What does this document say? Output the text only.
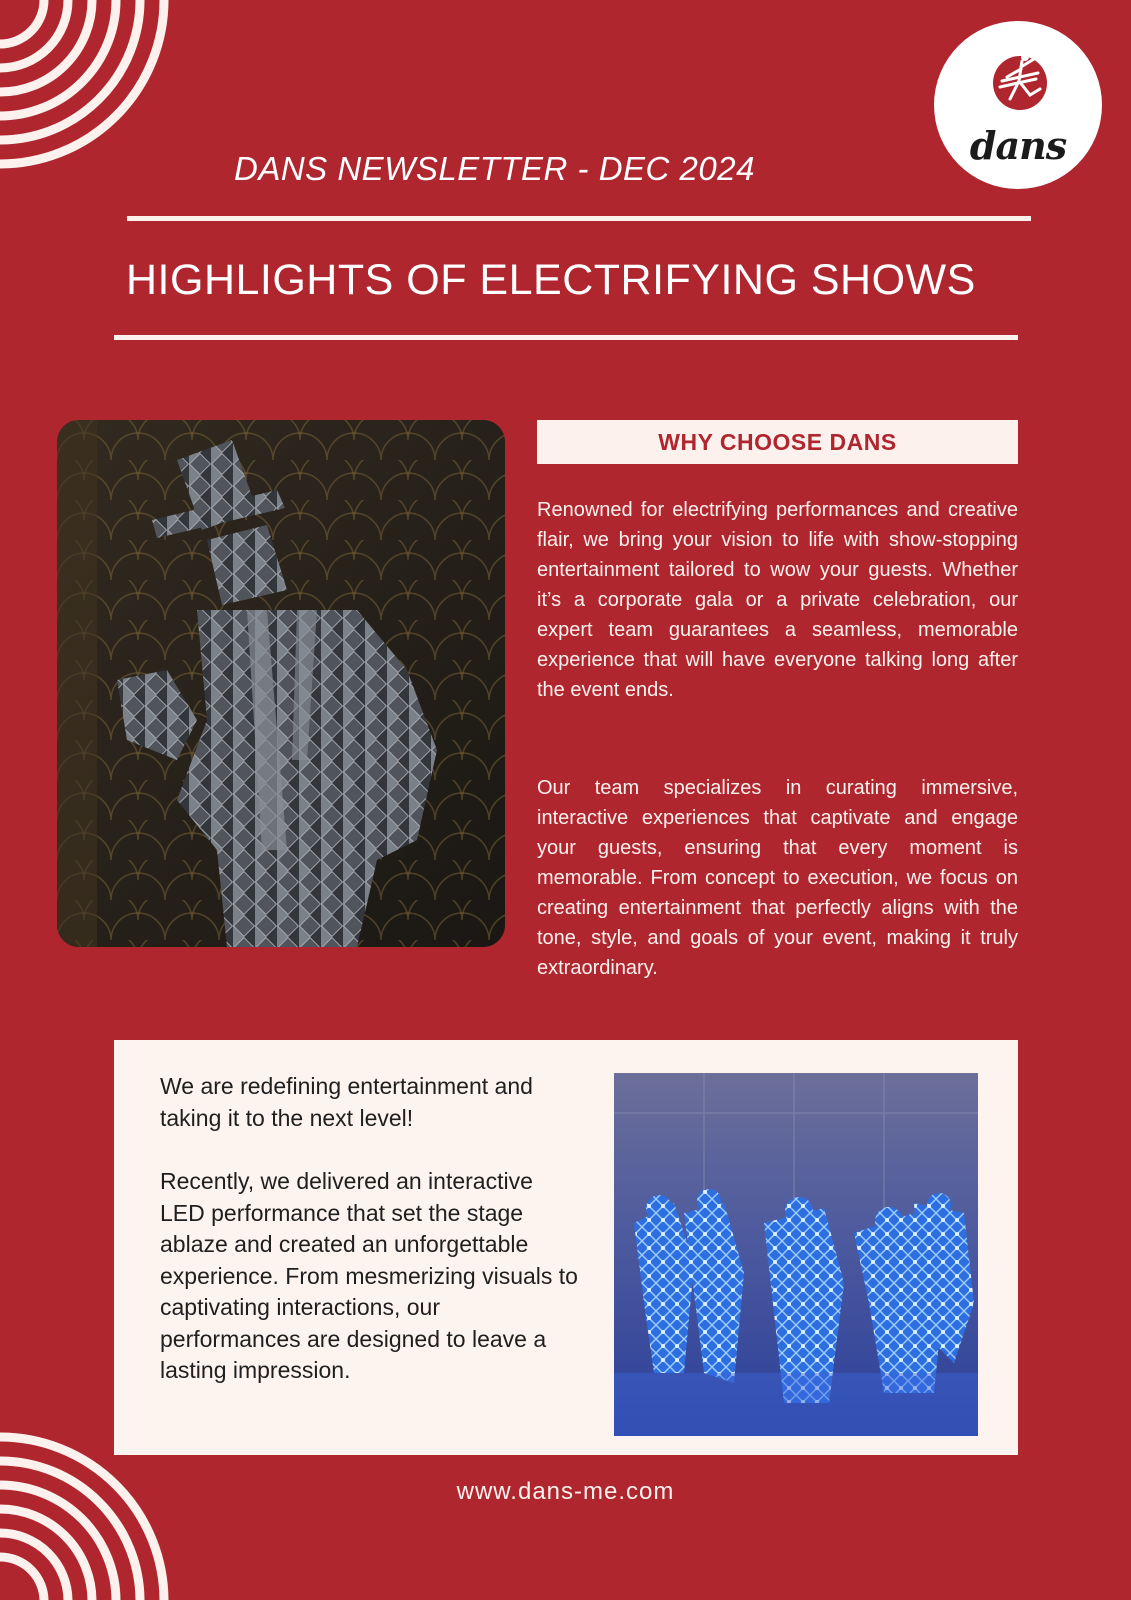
dans
DANS NEWSLETTER - DEC 2024
HIGHLIGHTS OF ELECTRIFYING SHOWS
WHY CHOOSE DANS
Renowned for electrifying performances and creative flair, we bring your vision to life with show-stopping entertainment tailored to wow your guests. Whether it’s a corporate gala or a private celebration, our expert team guarantees a seamless, memorable experience that will have everyone talking long after the event ends.
Our team specializes in curating immersive, interactive experiences that captivate and engage your guests, ensuring that every moment is memorable. From concept to execution, we focus on creating entertainment that perfectly aligns with the tone, style, and goals of your event, making it truly extraordinary.
We are redefining entertainment and taking it to the next level!
Recently, we delivered an interactive LED performance that set the stage ablaze and created an unforgettable experience. From mesmerizing visuals to captivating interactions, our performances are designed to leave a lasting impression.
www.dans-me.com
